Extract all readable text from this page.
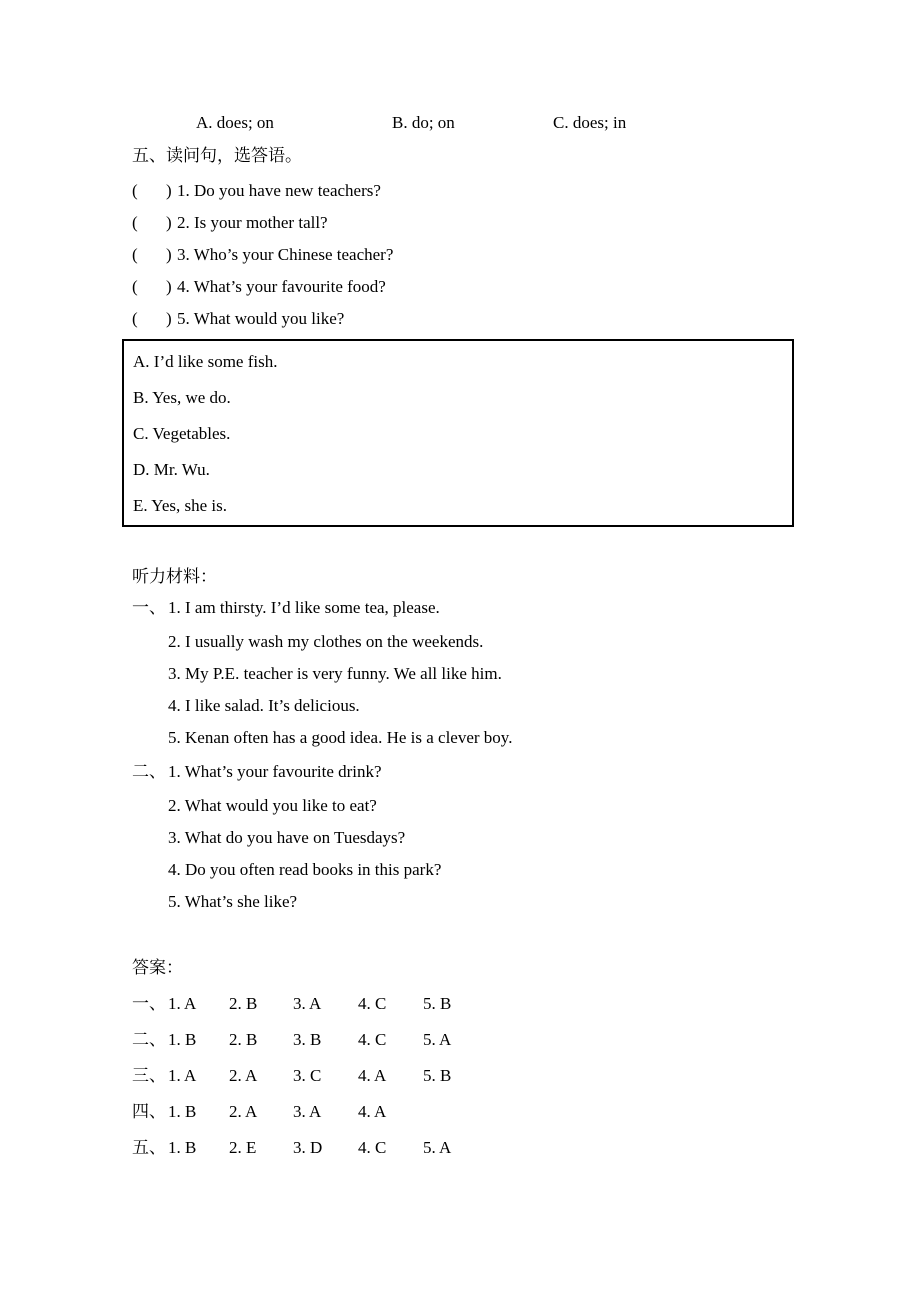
A. does; on	B. do; on	C. does; in
五、读问句，选答语。
( ) 1. Do you have new teachers?
( ) 2. Is your mother tall?
( ) 3. Who’s your Chinese teacher?
( ) 4. What’s your favourite food?
( ) 5. What would you like?
A. I’d like some fish.
B. Yes, we do.
C. Vegetables.
D. Mr. Wu.
E. Yes, she is.
听力材料：
一、 1. I am thirsty. I’d like some tea, please.
2. I usually wash my clothes on the weekends.
3. My P.E. teacher is very funny. We all like him.
4. I like salad. It’s delicious.
5. Kenan often has a good idea. He is a clever boy.
二、 1. What’s your favourite drink?
2. What would you like to eat?
3. What do you have on Tuesdays?
4. Do you often read books in this park?
5. What’s she like?
答案：
一、 1. A 2. B 3. A 4. C 5. B
二、 1. B 2. B 3. B 4. C 5. A
三、 1. A 2. A 3. C 4. A 5. B
四、 1. B 2. A 3. A 4. A
五、 1. B 2. E 3. D 4. C 5. A
